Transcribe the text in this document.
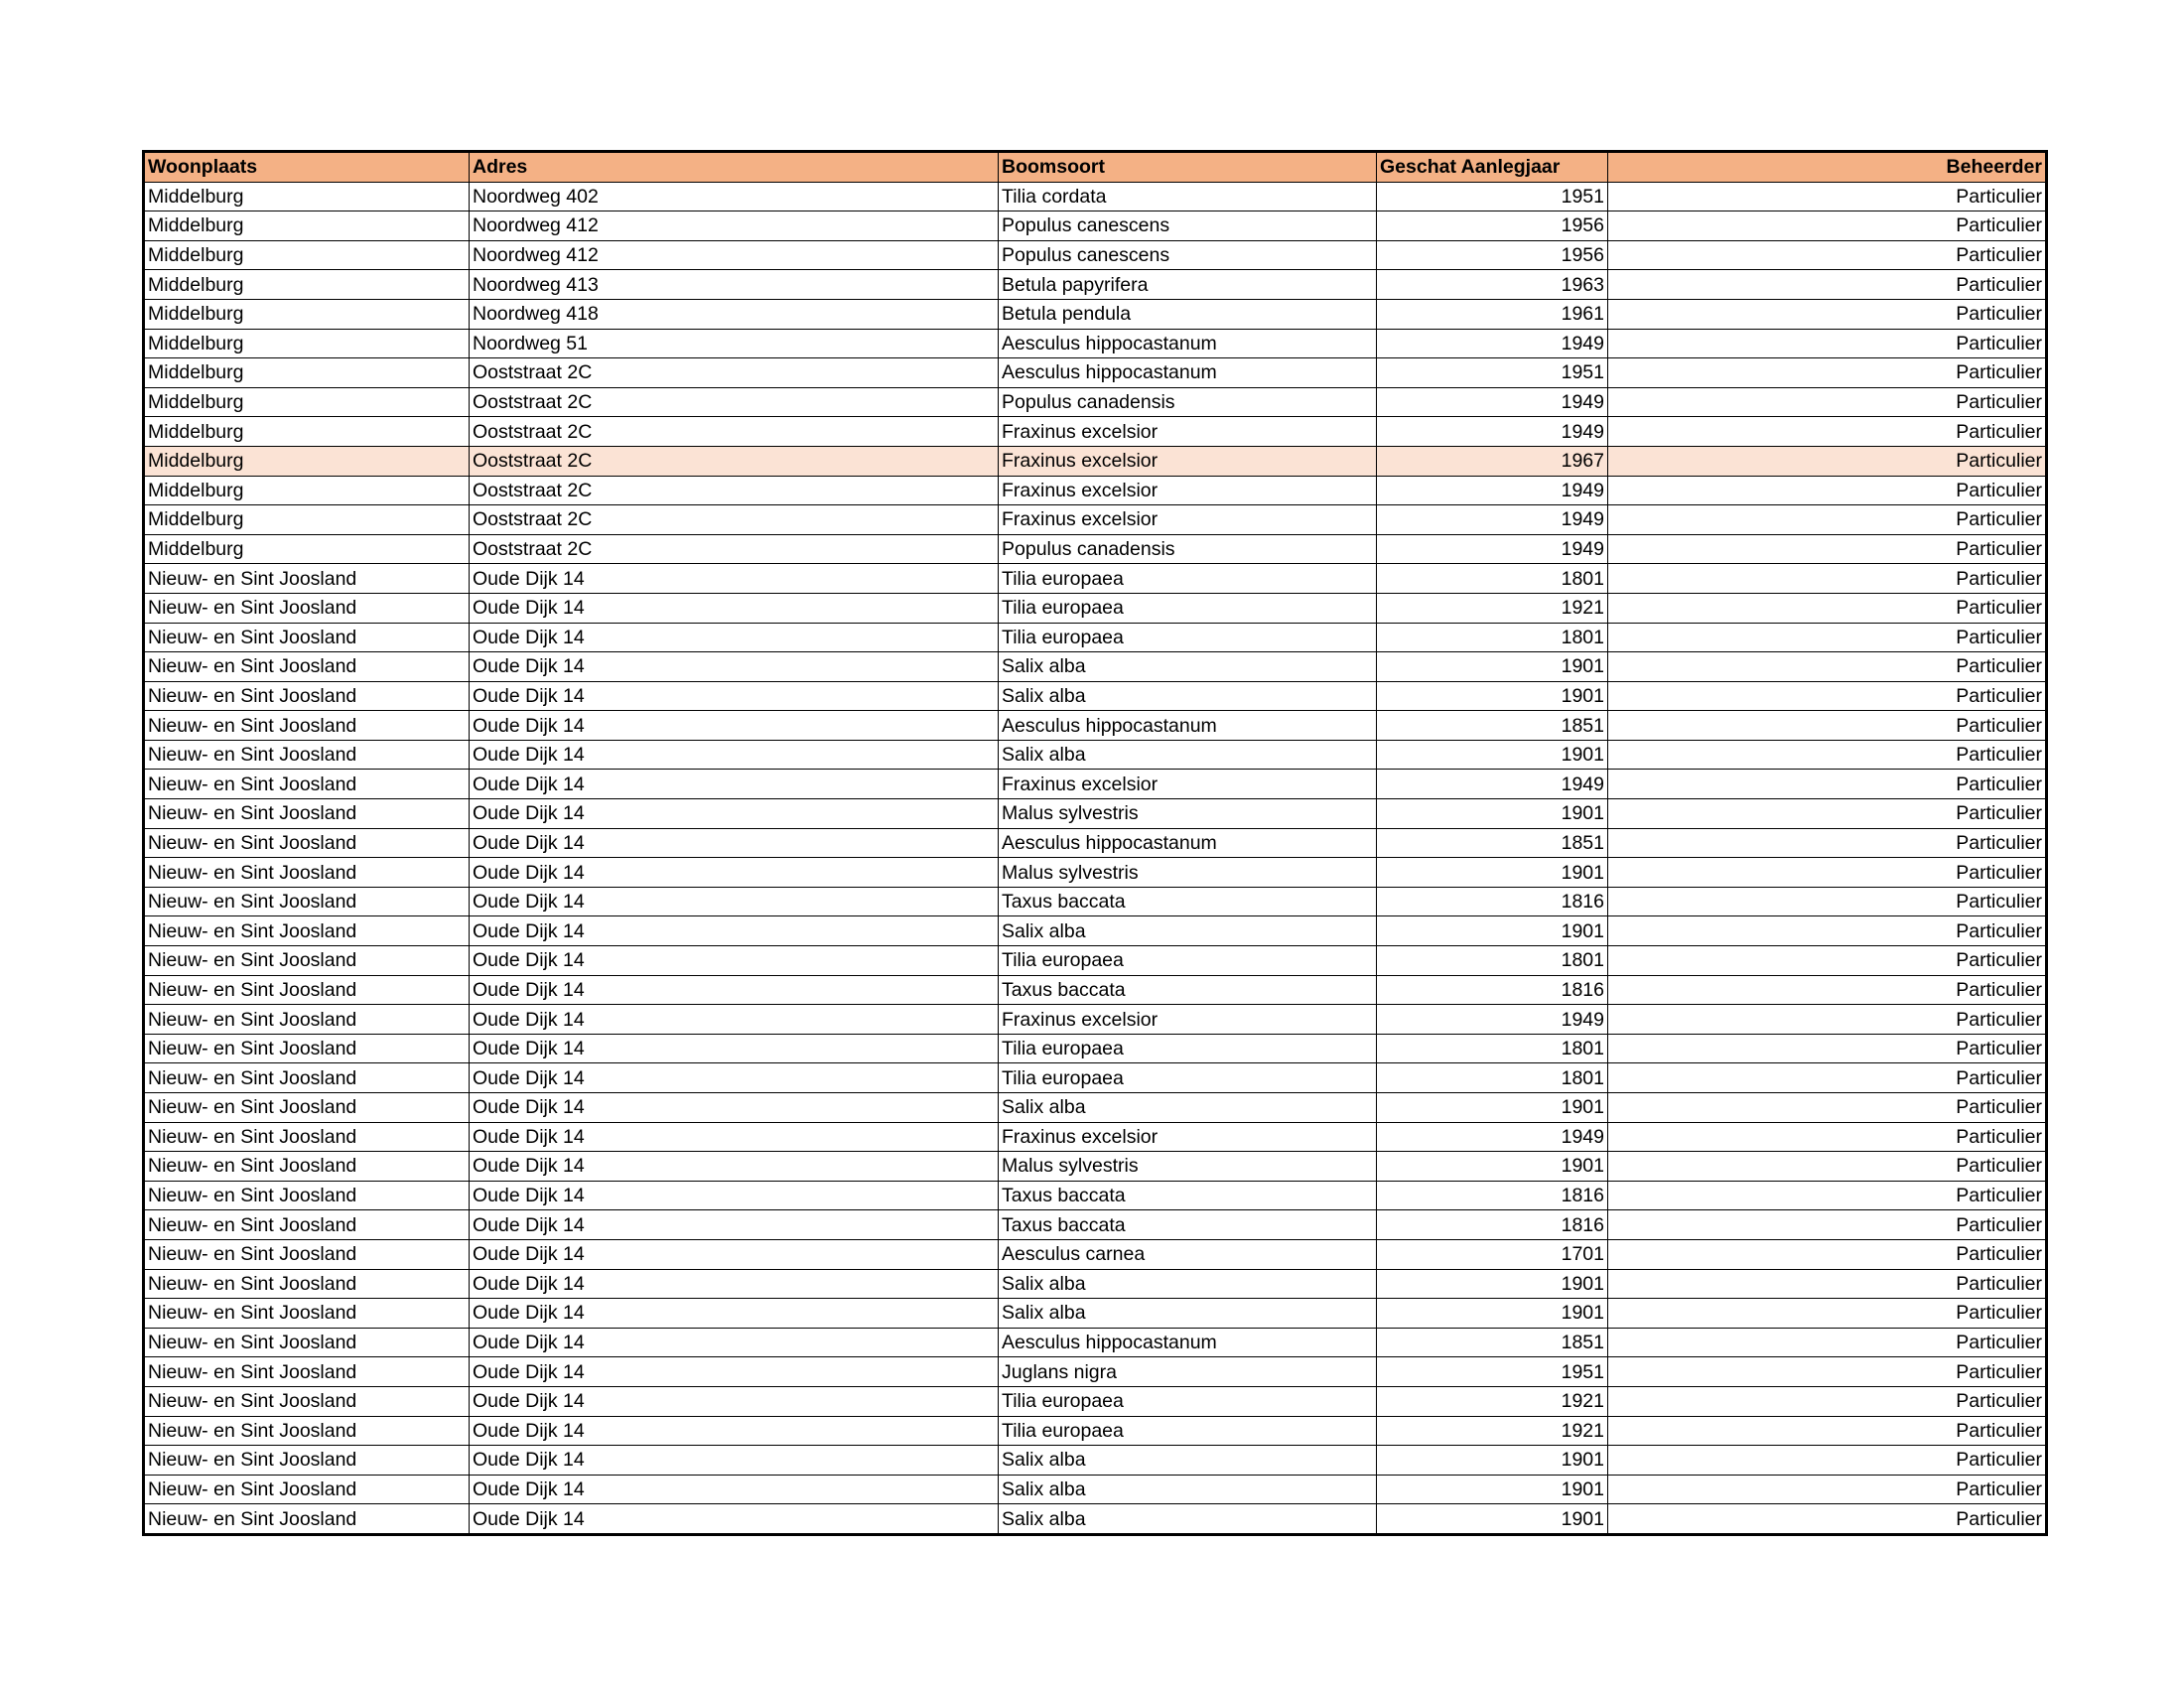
Woonplaats	Adres	Boomsoort	Geschat Aanlegjaar	Beheerder
Middelburg	Noordweg 402	Tilia cordata	1951	Particulier
Middelburg	Noordweg 412	Populus canescens	1956	Particulier
Middelburg	Noordweg 412	Populus canescens	1956	Particulier
Middelburg	Noordweg 413	Betula papyrifera	1963	Particulier
Middelburg	Noordweg 418	Betula pendula	1961	Particulier
Middelburg	Noordweg 51	Aesculus hippocastanum	1949	Particulier
Middelburg	Ooststraat 2C	Aesculus hippocastanum	1951	Particulier
Middelburg	Ooststraat 2C	Populus canadensis	1949	Particulier
Middelburg	Ooststraat 2C	Fraxinus excelsior	1949	Particulier
Middelburg	Ooststraat 2C	Fraxinus excelsior	1967	Particulier
Middelburg	Ooststraat 2C	Fraxinus excelsior	1949	Particulier
Middelburg	Ooststraat 2C	Fraxinus excelsior	1949	Particulier
Middelburg	Ooststraat 2C	Populus canadensis	1949	Particulier
Nieuw- en Sint Joosland	Oude Dijk 14	Tilia europaea	1801	Particulier
Nieuw- en Sint Joosland	Oude Dijk 14	Tilia europaea	1921	Particulier
Nieuw- en Sint Joosland	Oude Dijk 14	Tilia europaea	1801	Particulier
Nieuw- en Sint Joosland	Oude Dijk 14	Salix alba	1901	Particulier
Nieuw- en Sint Joosland	Oude Dijk 14	Salix alba	1901	Particulier
Nieuw- en Sint Joosland	Oude Dijk 14	Aesculus hippocastanum	1851	Particulier
Nieuw- en Sint Joosland	Oude Dijk 14	Salix alba	1901	Particulier
Nieuw- en Sint Joosland	Oude Dijk 14	Fraxinus excelsior	1949	Particulier
Nieuw- en Sint Joosland	Oude Dijk 14	Malus sylvestris	1901	Particulier
Nieuw- en Sint Joosland	Oude Dijk 14	Aesculus hippocastanum	1851	Particulier
Nieuw- en Sint Joosland	Oude Dijk 14	Malus sylvestris	1901	Particulier
Nieuw- en Sint Joosland	Oude Dijk 14	Taxus baccata	1816	Particulier
Nieuw- en Sint Joosland	Oude Dijk 14	Salix alba	1901	Particulier
Nieuw- en Sint Joosland	Oude Dijk 14	Tilia europaea	1801	Particulier
Nieuw- en Sint Joosland	Oude Dijk 14	Taxus baccata	1816	Particulier
Nieuw- en Sint Joosland	Oude Dijk 14	Fraxinus excelsior	1949	Particulier
Nieuw- en Sint Joosland	Oude Dijk 14	Tilia europaea	1801	Particulier
Nieuw- en Sint Joosland	Oude Dijk 14	Tilia europaea	1801	Particulier
Nieuw- en Sint Joosland	Oude Dijk 14	Salix alba	1901	Particulier
Nieuw- en Sint Joosland	Oude Dijk 14	Fraxinus excelsior	1949	Particulier
Nieuw- en Sint Joosland	Oude Dijk 14	Malus sylvestris	1901	Particulier
Nieuw- en Sint Joosland	Oude Dijk 14	Taxus baccata	1816	Particulier
Nieuw- en Sint Joosland	Oude Dijk 14	Taxus baccata	1816	Particulier
Nieuw- en Sint Joosland	Oude Dijk 14	Aesculus carnea	1701	Particulier
Nieuw- en Sint Joosland	Oude Dijk 14	Salix alba	1901	Particulier
Nieuw- en Sint Joosland	Oude Dijk 14	Salix alba	1901	Particulier
Nieuw- en Sint Joosland	Oude Dijk 14	Aesculus hippocastanum	1851	Particulier
Nieuw- en Sint Joosland	Oude Dijk 14	Juglans nigra	1951	Particulier
Nieuw- en Sint Joosland	Oude Dijk 14	Tilia europaea	1921	Particulier
Nieuw- en Sint Joosland	Oude Dijk 14	Tilia europaea	1921	Particulier
Nieuw- en Sint Joosland	Oude Dijk 14	Salix alba	1901	Particulier
Nieuw- en Sint Joosland	Oude Dijk 14	Salix alba	1901	Particulier
Nieuw- en Sint Joosland	Oude Dijk 14	Salix alba	1901	Particulier
